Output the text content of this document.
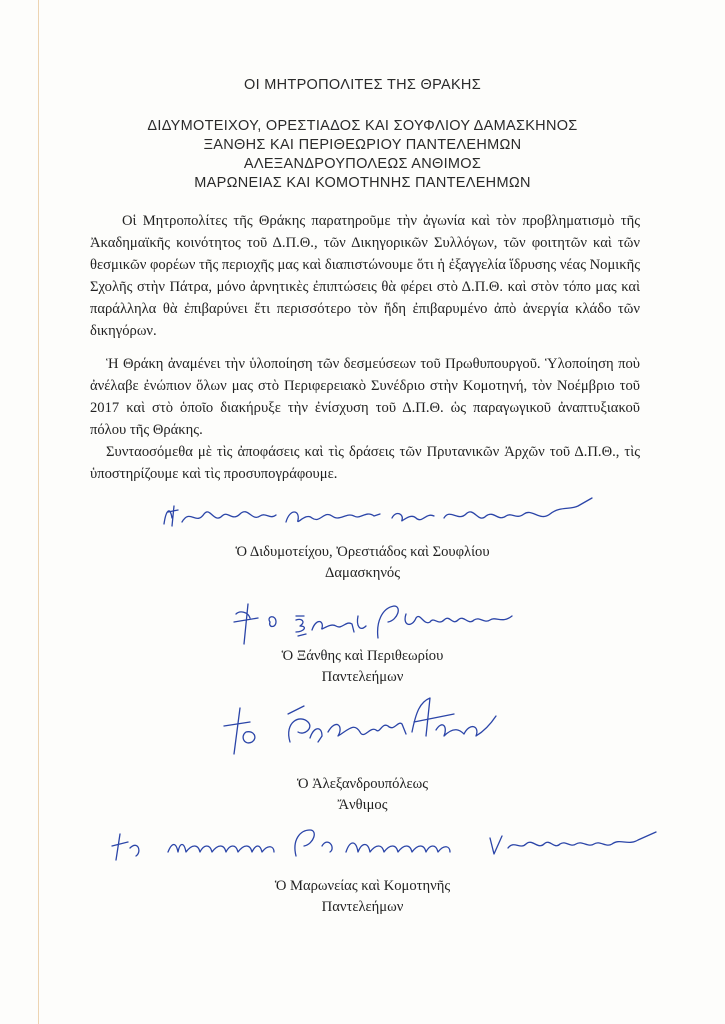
ΟΙ ΜΗΤΡΟΠΟΛΙΤΕΣ ΤΗΣ ΘΡΑΚΗΣ
ΔΙΔΥΜΟΤΕΙΧΟΥ, ΟΡΕΣΤΙΑΔΟΣ ΚΑΙ ΣΟΥΦΛΙΟΥ ΔΑΜΑΣΚΗΝΟΣ
ΞΑΝΘΗΣ ΚΑΙ ΠΕΡΙΘΕΩΡΙΟΥ ΠΑΝΤΕΛΕΗΜΩΝ
ΑΛΕΞΑΝΔΡΟΥΠΟΛΕΩΣ ΑΝΘΙΜΟΣ
ΜΑΡΩΝΕΙΑΣ ΚΑΙ ΚΟΜΟΤΗΝΗΣ ΠΑΝΤΕΛΕΗΜΩΝ
Οἱ Μητροπολίτες τῆς Θράκης παρατηροῦμε τὴν ἀγωνία καὶ τὸν προβληματισμὸ τῆς Ἀκαδημαϊκῆς κοινότητος τοῦ Δ.Π.Θ., τῶν Δικηγορικῶν Συλλόγων, τῶν φοιτητῶν καὶ τῶν θεσμικῶν φορέων τῆς περιοχῆς μας καὶ διαπιστώνουμε ὅτι ἡ ἐξαγγελία ἵδρυσης νέας Νομικῆς Σχολῆς στὴν Πάτρα, μόνο ἀρνητικὲς ἐπιπτώσεις θὰ φέρει στὸ Δ.Π.Θ. καὶ στὸν τόπο μας καὶ παράλληλα θὰ ἐπιβαρύνει ἔτι περισσότερο τὸν ἤδη ἐπιβαρυμένο ἀπὸ ἀνεργία κλάδο τῶν δικηγόρων.
Ἡ Θράκη ἀναμένει τὴν ὑλοποίηση τῶν δεσμεύσεων τοῦ Πρωθυπουργοῦ. Ὑλοποίηση ποὺ ἀνέλαβε ἐνώπιον ὅλων μας στὸ Περιφερειακὸ Συνέδριο στὴν Κομοτηνή, τὸν Νοέμβριο τοῦ 2017 καὶ στὸ ὁποῖο διακήρυξε τὴν ἐνίσχυση τοῦ Δ.Π.Θ. ὡς παραγωγικοῦ ἀναπτυξιακοῦ πόλου τῆς Θράκης.
Συνταοσόμεθα μὲ τὶς ἀποφάσεις καὶ τὶς δράσεις τῶν Πρυτανικῶν Ἀρχῶν τοῦ Δ.Π.Θ., τὶς ὑποστηρίζουμε καὶ τὶς προσυπογράφουμε.
Ὁ Διδυμοτείχου, Ὀρεστιάδος καὶ Σουφλίου
Δαμασκηνός
Ὁ Ξάνθης καὶ Περιθεωρίου
Παντελεήμων
Ὁ Ἀλεξανδρουπόλεως
Ἄνθιμος
Ὁ Μαρωνείας καὶ Κομοτηνῆς
Παντελεήμων
